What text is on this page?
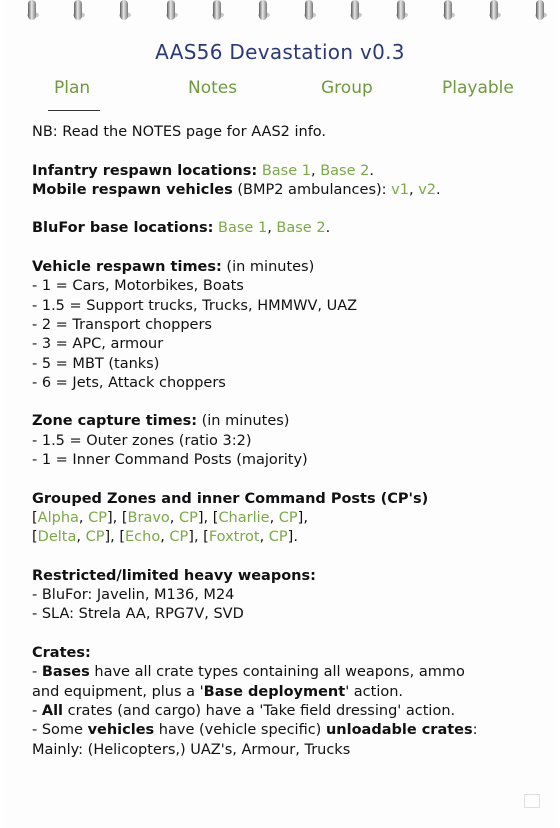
AAS56 Devastation v0.3
Plan	Notes	Group	Playable

NB: Read the NOTES page for AAS2 info.

Infantry respawn locations: Base 1, Base 2.

Mobile respawn vehicles (BMP2 ambulances): v1, v2.

BluFor base locations: Base 1, Base 2.

Vehicle respawn times: (in minutes)

- 1 = Cars, Motorbikes, Boats

- 1.5 = Support trucks, Trucks, HMMWV, UAZ

- 2 = Transport choppers

- 3 = APC, armour

- 5 = MBT (tanks)

- 6 = Jets, Attack choppers

Zone capture times: (in minutes)

- 1.5 = Outer zones (ratio 3:2)

- 1 = Inner Command Posts (majority)

Grouped Zones and inner Command Posts (CP's)

[Alpha, CP], [Bravo, CP], [Charlie, CP],

[Delta, CP], [Echo, CP], [Foxtrot, CP].

Restricted/limited heavy weapons:

- BluFor: Javelin, M136, M24

- SLA: Strela AA, RPG7V, SVD

Crates:

- Bases have all crate types containing all weapons, ammo

and equipment, plus a 'Base deployment' action.

- All crates (and cargo) have a 'Take field dressing' action.

- Some vehicles have (vehicle specific) unloadable crates:

Mainly: (Helicopters,) UAZ's, Armour, Trucks
